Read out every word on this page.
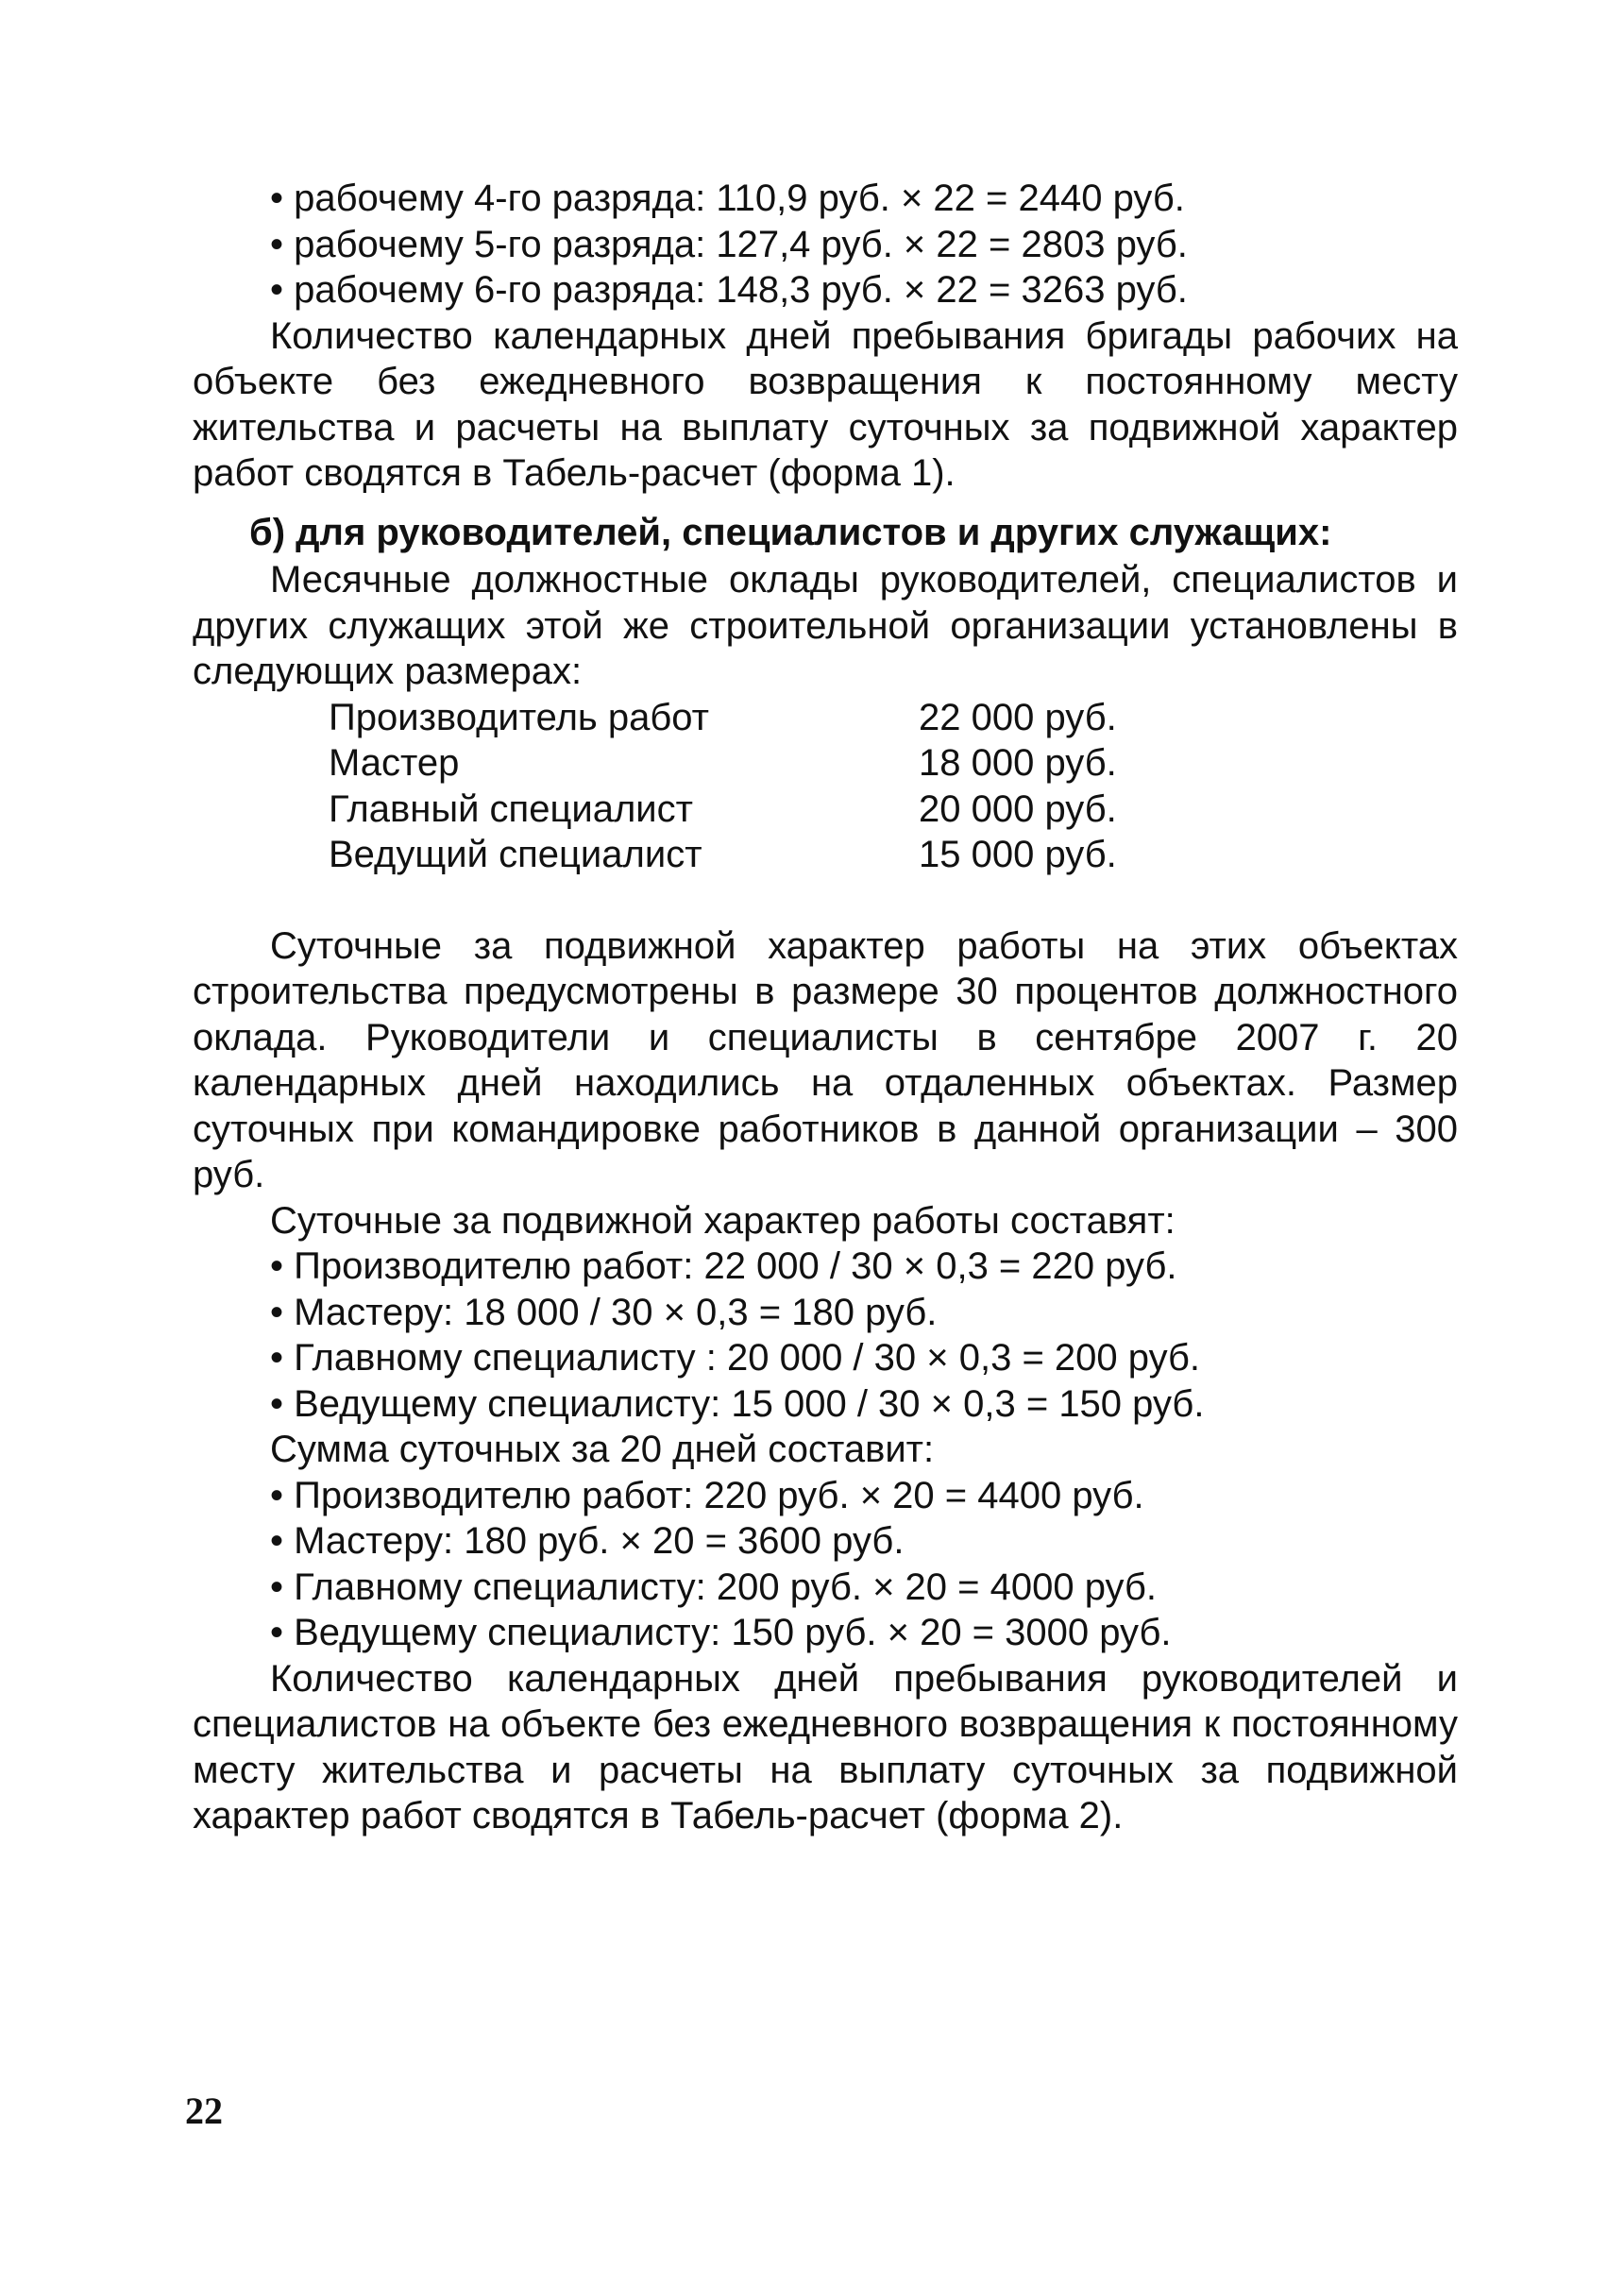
• рабочему 4-го разряда: 110,9 руб. × 22 = 2440 руб.
• рабочему 5-го разряда: 127,4 руб. × 22 = 2803 руб.
• рабочему 6-го разряда: 148,3 руб. × 22 = 3263 руб.
Количество календарных дней пребывания бригады рабочих на объекте без ежедневного возвращения к постоянному месту жительства и расчеты на выплату суточных за подвижной характер работ сводятся в Табель-расчет (форма 1).
б) для руководителей, специалистов и других служащих:
Месячные должностные оклады руководителей, специалистов и других служащих этой же строительной организации установлены в следующих размерах:
Производитель работ	22 000 руб.
Мастер	18 000 руб.
Главный специалист	20 000 руб.
Ведущий специалист	15 000 руб.
Суточные за подвижной характер работы на этих объектах строительства предусмотрены в размере 30 процентов должностного оклада. Руководители и специалисты в сентябре 2007 г. 20 календарных дней находились на отдаленных объектах. Размер суточных при командировке работников в данной организации – 300 руб.
Суточные за подвижной характер работы составят:
• Производителю работ: 22 000 / 30 × 0,3 = 220 руб.
• Мастеру: 18 000 / 30 × 0,3 = 180 руб.
• Главному специалисту : 20 000 / 30 × 0,3 = 200 руб.
• Ведущему специалисту: 15 000 / 30 × 0,3 = 150 руб.
Сумма суточных за 20 дней составит:
• Производителю работ: 220 руб. × 20 = 4400 руб.
• Мастеру: 180 руб. × 20 = 3600 руб.
• Главному специалисту: 200 руб. × 20 = 4000 руб.
• Ведущему специалисту: 150 руб. × 20 = 3000 руб.
Количество календарных дней пребывания руководителей и специалистов на объекте без ежедневного возвращения к постоянному месту жительства и расчеты на выплату суточных за подвижной характер работ сводятся в Табель-расчет (форма 2).
22
